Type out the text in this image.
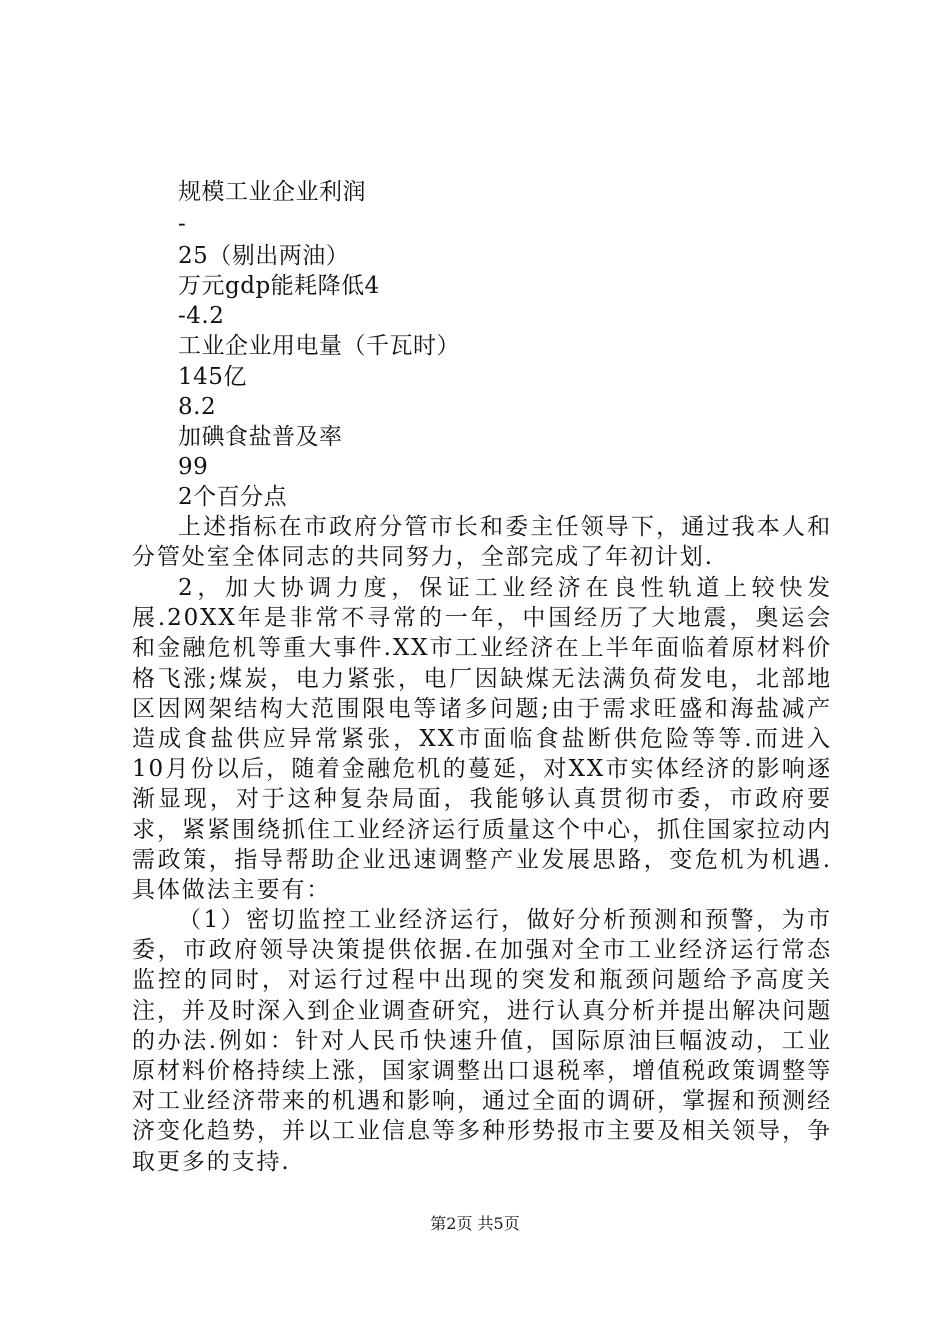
规模工业企业利润
-
25（剔出两油）
万元gdp能耗降低4
-4.2
工业企业用电量（千瓦时）
145亿
8.2
加碘食盐普及率
99
2个百分点

上述指标在市政府分管市长和委主任领导下，通过我本人和分管处室全体同志的共同努力，全部完成了年初计划.

2，加大协调力度，保证工业经济在良性轨道上较快发展.20XX年是非常不寻常的一年，中国经历了大地震，奥运会和金融危机等重大事件.XX市工业经济在上半年面临着原材料价格飞涨;煤炭，电力紧张，电厂因缺煤无法满负荷发电，北部地区因网架结构大范围限电等诸多问题;由于需求旺盛和海盐减产造成食盐供应异常紧张，XX市面临食盐断供危险等等.而进入10月份以后，随着金融危机的蔓延，对XX市实体经济的影响逐渐显现，对于这种复杂局面，我能够认真贯彻市委，市政府要求，紧紧围绕抓住工业经济运行质量这个中心，抓住国家拉动内需政策，指导帮助企业迅速调整产业发展思路，变危机为机遇.具体做法主要有：

（1）密切监控工业经济运行，做好分析预测和预警，为市委，市政府领导决策提供依据.在加强对全市工业经济运行常态监控的同时，对运行过程中出现的突发和瓶颈问题给予高度关注，并及时深入到企业调查研究，进行认真分析并提出解决问题的办法.例如：针对人民币快速升值，国际原油巨幅波动，工业原材料价格持续上涨，国家调整出口退税率，增值税政策调整等对工业经济带来的机遇和影响，通过全面的调研，掌握和预测经济变化趋势，并以工业信息等多种形势报市主要及相关领导，争取更多的支持.

第2页 共5页
